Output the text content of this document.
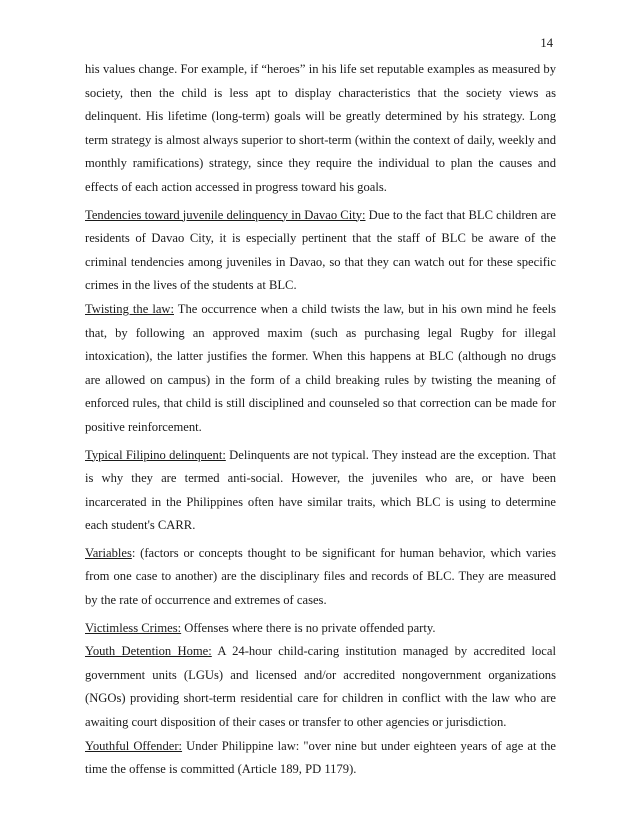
14

his values change. For example, if “heroes” in his life set reputable examples as measured by society, then the child is less apt to display characteristics that the society views as delinquent. His lifetime (long-term) goals will be greatly determined by his strategy. Long term strategy is almost always superior to short-term (within the context of daily, weekly and monthly ramifications) strategy, since they require the individual to plan the causes and effects of each action accessed in progress toward his goals.

Tendencies toward juvenile delinquency in Davao City: Due to the fact that BLC children are residents of Davao City, it is especially pertinent that the staff of BLC be aware of the criminal tendencies among juveniles in Davao, so that they can watch out for these specific crimes in the lives of the students at BLC.

Twisting the law: The occurrence when a child twists the law, but in his own mind he feels that, by following an approved maxim (such as purchasing legal Rugby for illegal intoxication), the latter justifies the former. When this happens at BLC (although no drugs are allowed on campus) in the form of a child breaking rules by twisting the meaning of enforced rules, that child is still disciplined and counseled so that correction can be made for positive reinforcement.

Typical Filipino delinquent: Delinquents are not typical. They instead are the exception. That is why they are termed anti-social. However, the juveniles who are, or have been incarcerated in the Philippines often have similar traits, which BLC is using to determine each student's CARR.

Variables: (factors or concepts thought to be significant for human behavior, which varies from one case to another) are the disciplinary files and records of BLC. They are measured by the rate of occurrence and extremes of cases.

Victimless Crimes: Offenses where there is no private offended party.

Youth Detention Home: A 24-hour child-caring institution managed by accredited local government units (LGUs) and licensed and/or accredited nongovernment organizations (NGOs) providing short-term residential care for children in conflict with the law who are awaiting court disposition of their cases or transfer to other agencies or jurisdiction.

Youthful Offender: Under Philippine law: "over nine but under eighteen years of age at the time the offense is committed (Article 189, PD 1179).
